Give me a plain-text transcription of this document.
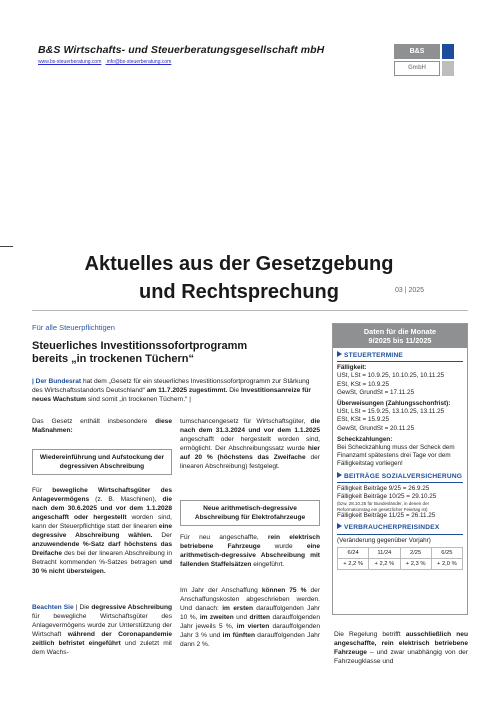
B&S Wirtschafts- und Steuerberatungsgesellschaft mbH
www.bs-steuerberatung.com info@bs-steuerberatung.com
B&S
GmbH
Aktuelles aus der Gesetzgebung
und Rechtsprechung	03 | 2025
Für alle Steuerpflichtigen
Steuerliches Investitionssofortprogramm
bereits „in trockenen Tüchern“
| Der Bundesrat hat dem „Gesetz für ein steuerliches Investitionssofortprogramm zur Stärkung des Wirtschaftsstandorts Deutschland“ am 11.7.2025 zugestimmt. Die Investitionsanreize für neues Wachstum sind somit „in trockenen Tüchern.“ |
Das Gesetz enthält insbesondere diese Maßnahmen:
Wiedereinführung und Aufstockung der degressiven Abschreibung
Für bewegliche Wirtschaftsgüter des Anlagevermögens (z. B. Maschinen), die nach dem 30.6.2025 und vor dem 1.1.2028 angeschafft oder hergestellt worden sind, kann der Steuerpflichtige statt der linearen eine degressive Abschreibung wählen. Der anzuwendende %-Satz darf höchstens das Dreifache des bei der linearen Abschreibung in Betracht kommenden %-Satzes betragen und 30 % nicht übersteigen.
Beachten Sie | Die degressive Abschreibung für bewegliche Wirtschaftsgüter des Anlagevermögens wurde zur Unterstützung der Wirtschaft während der Coronapandemie zeitlich befristet eingeführt und zuletzt mit dem Wachs-
tumschancengesetz für Wirtschaftsgüter, die nach dem 31.3.2024 und vor dem 1.1.2025 angeschafft oder hergestellt worden sind, ermöglicht. Der Abschreibungssatz wurde hier auf 20 % (höchstens das Zweifache der linearen Abschreibung) festgelegt.
Neue arithmetisch-degressive Abschreibung für Elektrofahrzeuge
Für neu angeschaffte, rein elektrisch betriebene Fahrzeuge wurde eine arithmetisch-degressive Abschreibung mit fallenden Staffelsätzen eingeführt.
Im Jahr der Anschaffung können 75 % der Anschaffungskosten abgeschrieben werden. Und danach: im ersten darauffolgenden Jahr 10 %, im zweiten und dritten darauffolgenden Jahr jeweils 5 %, im vierten darauffolgenden Jahr 3 % und im fünften darauffolgenden Jahr dann 2 %.
Die Regelung betrifft ausschließlich neu angeschaffte, rein elektrisch betriebene Fahrzeuge – und zwar unabhängig von der Fahrzeugklasse und
Daten für die Monate
9/2025 bis 11/2025
STEUERTERMINE
Fälligkeit:
USt, LSt = 10.9.25, 10.10.25, 10.11.25
ESt, KSt = 10.9.25
GewSt, GrundSt = 17.11.25
Überweisungen (Zahlungsschonfrist):
USt, LSt = 15.9.25, 13.10.25, 13.11.25
ESt, KSt = 15.9.25
GewSt, GrundSt = 20.11.25
Scheckzahlungen:
Bei Scheckzahlung muss der Scheck dem Finanzamt spätestens drei Tage vor dem Fälligkeitstag vorliegen!
BEITRÄGE SOZIALVERSICHERUNG
Fälligkeit Beiträge 9/25 = 26.9.25
Fälligkeit Beiträge 10/25 = 29.10.25
(bzw. 28.10.25 für Bundesländer, in denen der Reformationstag ein gesetzlicher Feiertag ist)
Fälligkeit Beiträge 11/25 = 26.11.25
VERBRAUCHERPREISINDEX
(Veränderung gegenüber Vorjahr)
6/24	11/24	2/25	6/25
+ 2,2 %	+ 2,2 %	+ 2,3 %	+ 2,0 %
